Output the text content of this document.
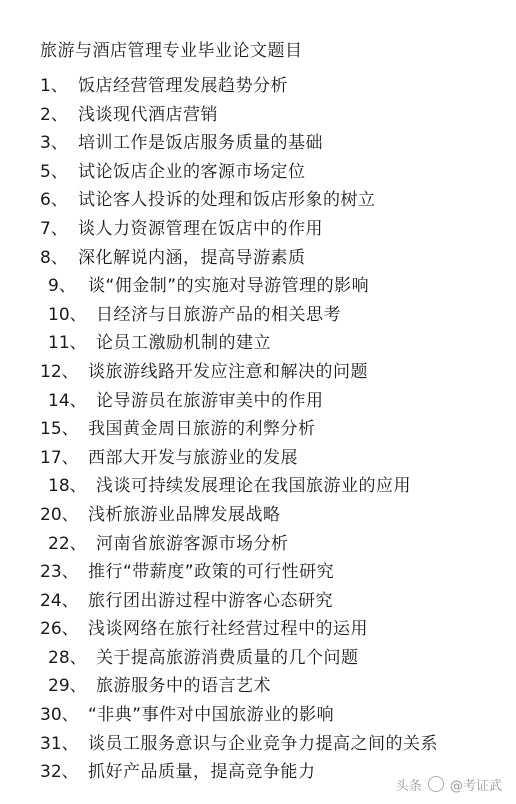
旅游与酒店管理专业毕业论文题目
1、 饭店经营管理发展趋势分析
2、 浅谈现代酒店营销
3、 培训工作是饭店服务质量的基础
5、 试论饭店企业的客源市场定位
6、 试论客人投诉的处理和饭店形象的树立
7、 谈人力资源管理在饭店中的作用
8、 深化解说内涵，提高导游素质
9、 谈“佣金制”的实施对导游管理的影响
10、 日经济与日旅游产品的相关思考
11、 论员工激励机制的建立
12、 谈旅游线路开发应注意和解决的问题
14、 论导游员在旅游审美中的作用
15、 我国黄金周日旅游的利弊分析
17、 西部大开发与旅游业的发展
18、 浅谈可持续发展理论在我国旅游业的应用
20、 浅析旅游业品牌发展战略
22、 河南省旅游客源市场分析
23、 推行“带薪度”政策的可行性研究
24、 旅行团出游过程中游客心态研究
26、 浅谈网络在旅行社经营过程中的运用
28、 关于提高旅游消费质量的几个问题
29、 旅游服务中的语言艺术
30、 “非典”事件对中国旅游业的影响
31、 谈员工服务意识与企业竞争力提高之间的关系
32、 抓好产品质量，提高竞争能力
头条 @考证武
